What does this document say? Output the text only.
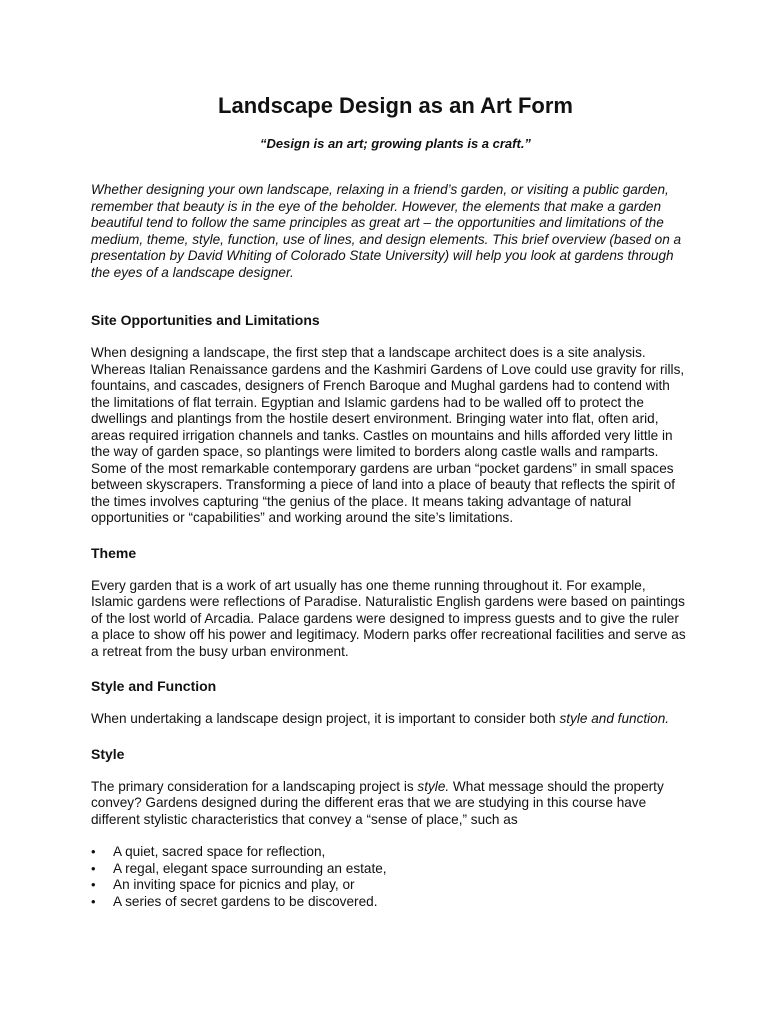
Landscape Design as an Art Form

“Design is an art; growing plants is a craft.”

Whether designing your own landscape, relaxing in a friend’s garden, or visiting a public garden, remember that beauty is in the eye of the beholder. However, the elements that make a garden beautiful tend to follow the same principles as great art – the opportunities and limitations of the medium, theme, style, function, use of lines, and design elements. This brief overview (based on a presentation by David Whiting of Colorado State University) will help you look at gardens through the eyes of a landscape designer.

Site Opportunities and Limitations

When designing a landscape, the first step that a landscape architect does is a site analysis. Whereas Italian Renaissance gardens and the Kashmiri Gardens of Love could use gravity for rills, fountains, and cascades, designers of French Baroque and Mughal gardens had to contend with the limitations of flat terrain. Egyptian and Islamic gardens had to be walled off to protect the dwellings and plantings from the hostile desert environment. Bringing water into flat, often arid, areas required irrigation channels and tanks. Castles on mountains and hills afforded very little in the way of garden space, so plantings were limited to borders along castle walls and ramparts. Some of the most remarkable contemporary gardens are urban “pocket gardens” in small spaces between skyscrapers. Transforming a piece of land into a place of beauty that reflects the spirit of the times involves capturing “the genius of the place. It means taking advantage of natural opportunities or “capabilities” and working around the site’s limitations.

Theme

Every garden that is a work of art usually has one theme running throughout it. For example, Islamic gardens were reflections of Paradise. Naturalistic English gardens were based on paintings of the lost world of Arcadia. Palace gardens were designed to impress guests and to give the ruler a place to show off his power and legitimacy. Modern parks offer recreational facilities and serve as a retreat from the busy urban environment.

Style and Function

When undertaking a landscape design project, it is important to consider both style and function.

Style

The primary consideration for a landscaping project is style. What message should the property convey? Gardens designed during the different eras that we are studying in this course have different stylistic characteristics that convey a “sense of place,” such as

• A quiet, sacred space for reflection,
• A regal, elegant space surrounding an estate,
• An inviting space for picnics and play, or
• A series of secret gardens to be discovered.
